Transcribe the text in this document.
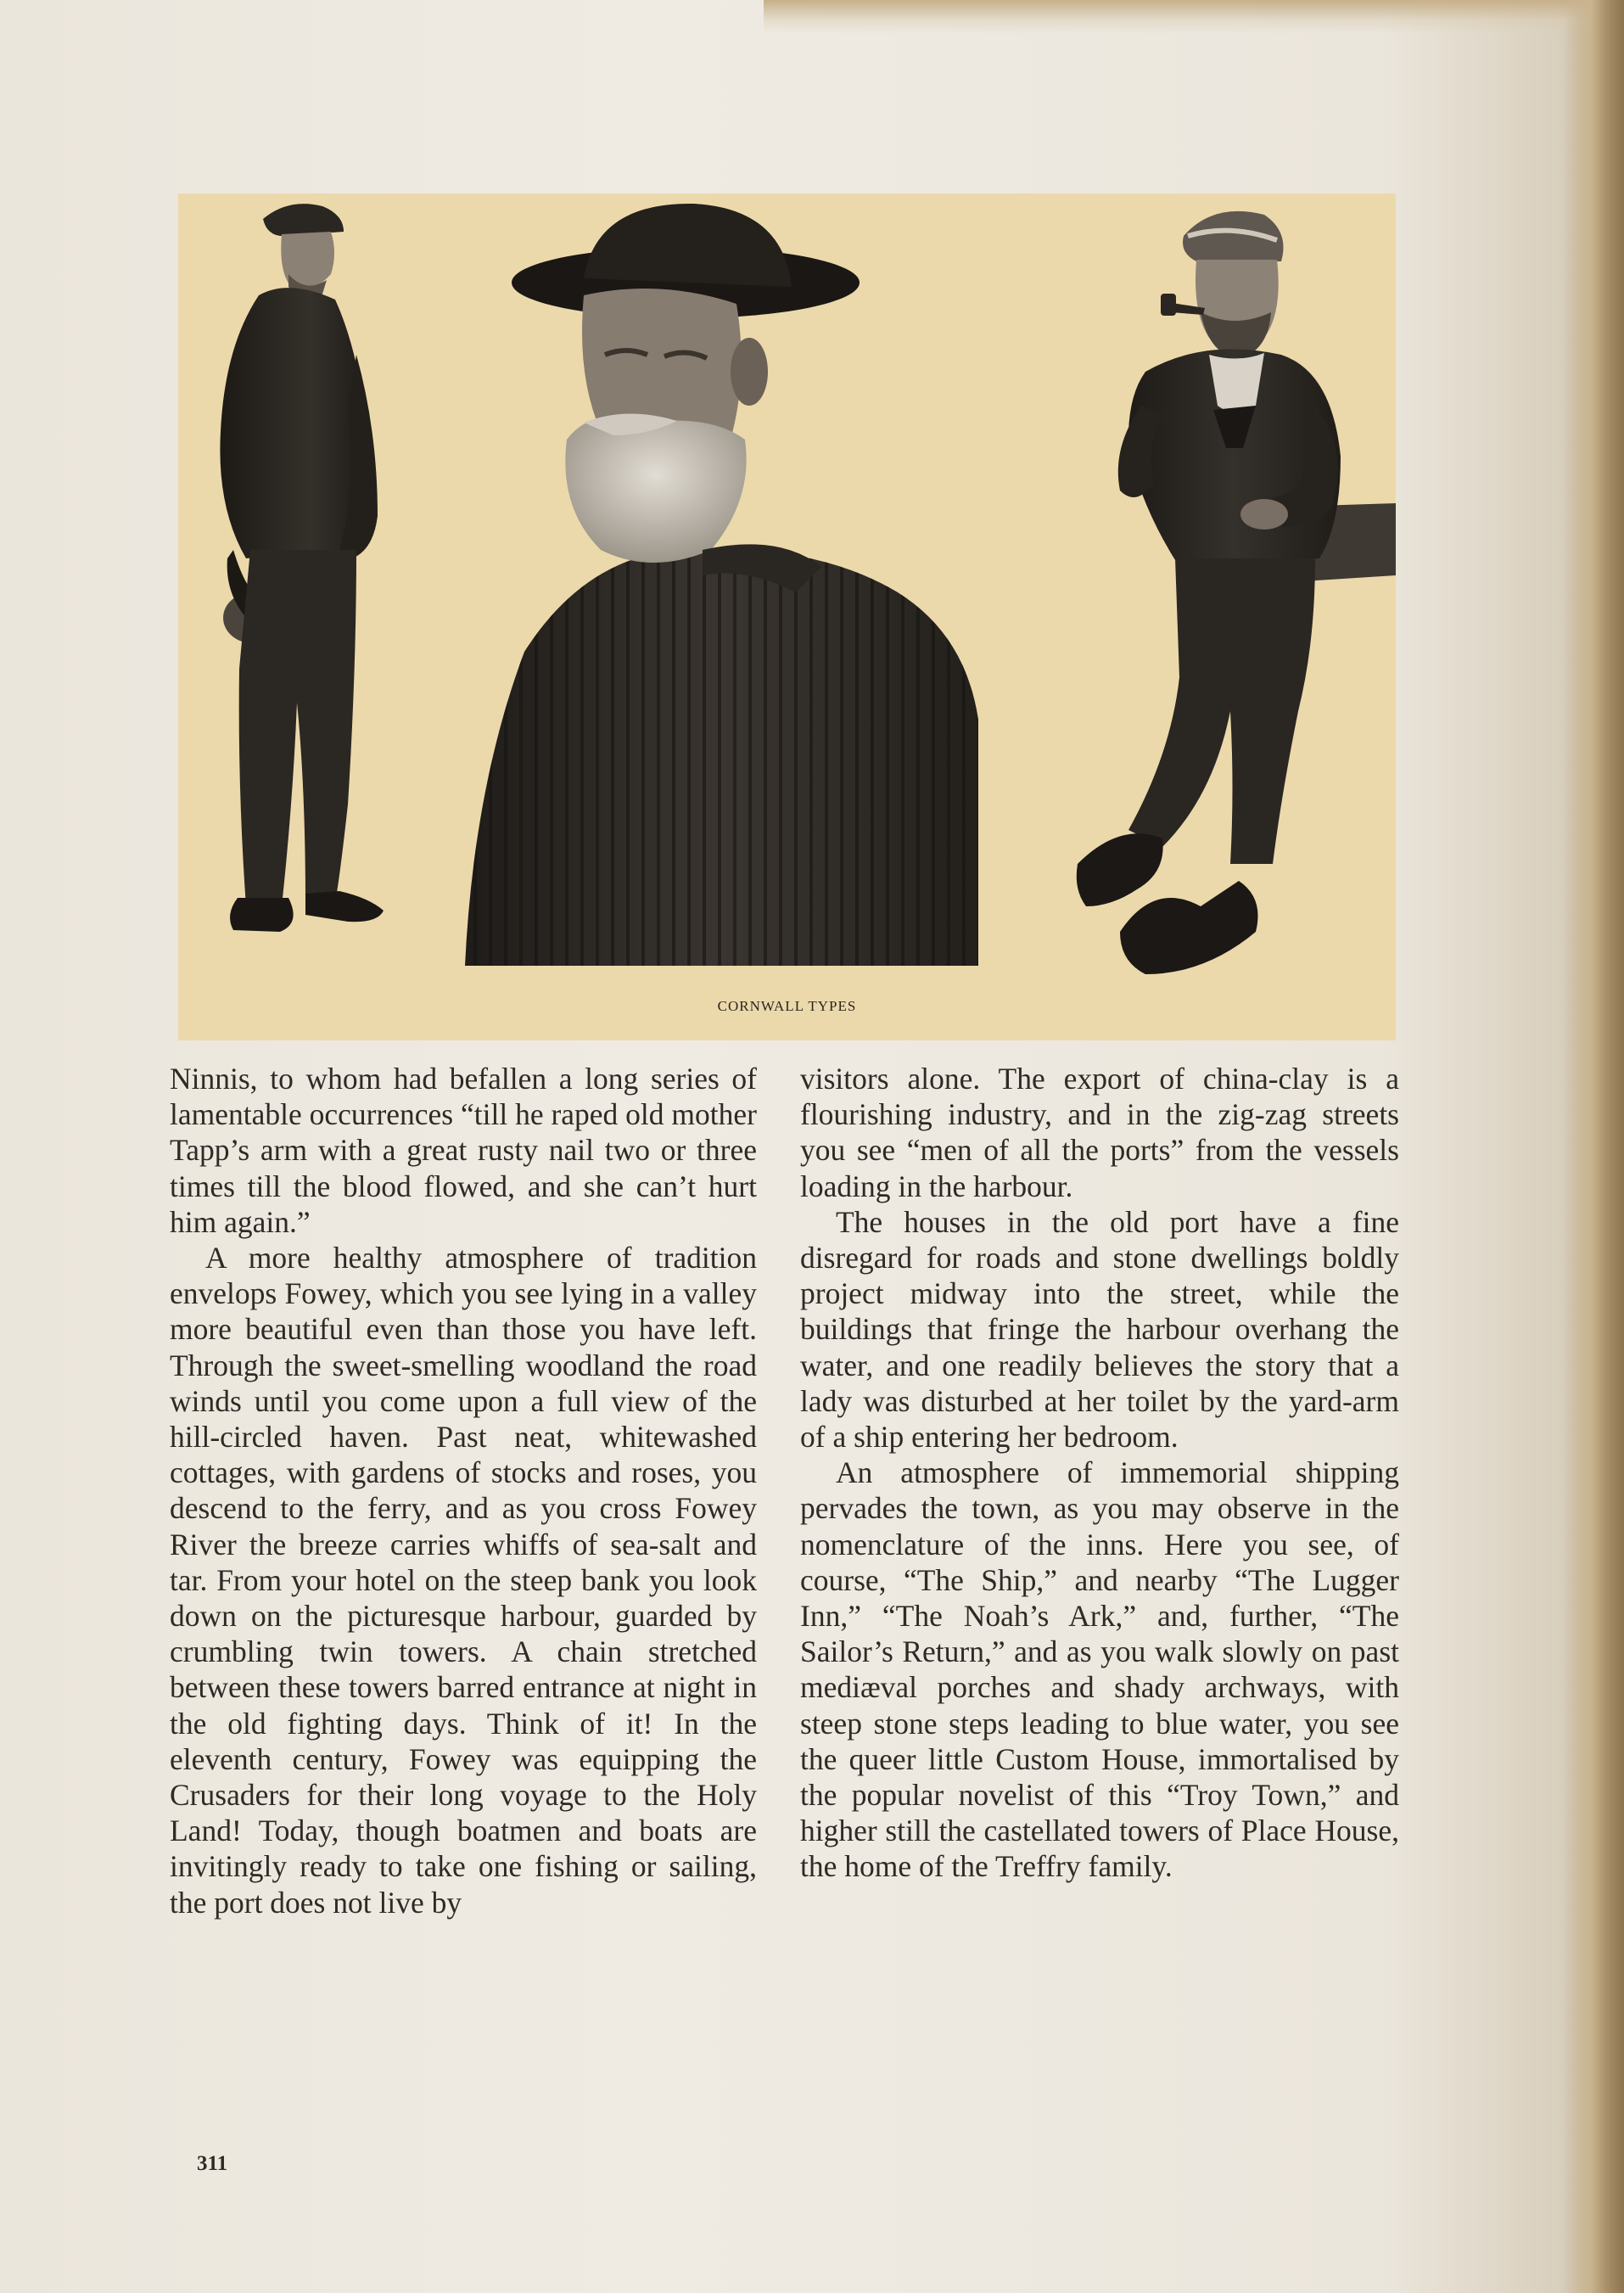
CORNWALL TYPES

Ninnis, to whom had befallen a long series of lamentable occurrences “till he raped old mother Tapp’s arm with a great rusty nail two or three times till the blood flowed, and she can’t hurt him again.”

A more healthy atmosphere of tradition envelops Fowey, which you see lying in a valley more beautiful even than those you have left. Through the sweet-smelling woodland the road winds until you come upon a full view of the hill-circled haven. Past neat, whitewashed cottages, with gardens of stocks and roses, you descend to the ferry, and as you cross Fowey River the breeze carries whiffs of sea-salt and tar. From your hotel on the steep bank you look down on the picturesque harbour, guarded by crumbling twin towers. A chain stretched between these towers barred entrance at night in the old fighting days. Think of it! In the eleventh century, Fowey was equipping the Crusaders for their long voyage to the Holy Land! Today, though boatmen and boats are invitingly ready to take one fishing or sailing, the port does not live by

visitors alone. The export of china-clay is a flourishing industry, and in the zig-zag streets you see “men of all the ports” from the vessels loading in the harbour.

The houses in the old port have a fine disregard for roads and stone dwellings boldly project midway into the street, while the buildings that fringe the harbour overhang the water, and one readily believes the story that a lady was disturbed at her toilet by the yard-arm of a ship entering her bedroom.

An atmosphere of immemorial shipping pervades the town, as you may observe in the nomenclature of the inns. Here you see, of course, “The Ship,” and nearby “The Lugger Inn,” “The Noah’s Ark,” and, further, “The Sailor’s Return,” and as you walk slowly on past mediæval porches and shady archways, with steep stone steps leading to blue water, you see the queer little Custom House, immortalised by the popular novelist of this “Troy Town,” and higher still the castellated towers of Place House, the home of the Treffry family.

311
